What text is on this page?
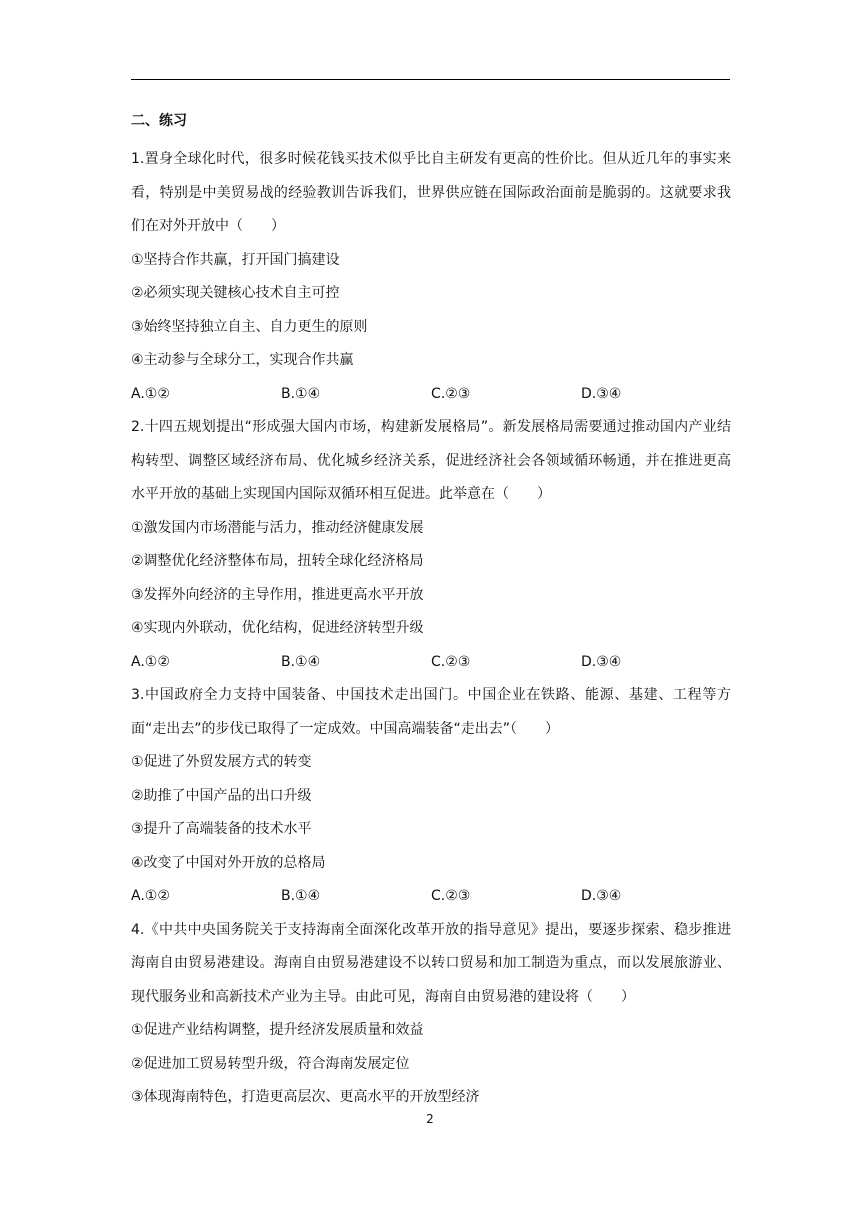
二、练习

1.置身全球化时代，很多时候花钱买技术似乎比自主研发有更高的性价比。但从近几年的事实来看，特别是中美贸易战的经验教训告诉我们，世界供应链在国际政治面前是脆弱的。这就要求我们在对外开放中（　　）

①坚持合作共赢，打开国门搞建设

②必须实现关键核心技术自主可控

③始终坚持独立自主、自力更生的原则

④主动参与全球分工，实现合作共赢

A.①②	B.①④	C.②③	D.③④

2.十四五规划提出“形成强大国内市场，构建新发展格局”。新发展格局需要通过推动国内产业结构转型、调整区域经济布局、优化城乡经济关系，促进经济社会各领域循环畅通，并在推进更高水平开放的基础上实现国内国际双循环相互促进。此举意在（　　）

①激发国内市场潜能与活力，推动经济健康发展

②调整优化经济整体布局，扭转全球化经济格局

③发挥外向经济的主导作用，推进更高水平开放

④实现内外联动，优化结构，促进经济转型升级

A.①②	B.①④	C.②③	D.③④

3.中国政府全力支持中国装备、中国技术走出国门。中国企业在铁路、能源、基建、工程等方面“走出去”的步伐已取得了一定成效。中国高端装备“走出去”（　　）

①促进了外贸发展方式的转变

②助推了中国产品的出口升级

③提升了高端装备的技术水平

④改变了中国对外开放的总格局

A.①②	B.①④	C.②③	D.③④

4.《中共中央国务院关于支持海南全面深化改革开放的指导意见》提出，要逐步探索、稳步推进海南自由贸易港建设。海南自由贸易港建设不以转口贸易和加工制造为重点，而以发展旅游业、现代服务业和高新技术产业为主导。由此可见，海南自由贸易港的建设将（　　）

①促进产业结构调整，提升经济发展质量和效益

②促进加工贸易转型升级，符合海南发展定位

③体现海南特色，打造更高层次、更高水平的开放型经济

2
